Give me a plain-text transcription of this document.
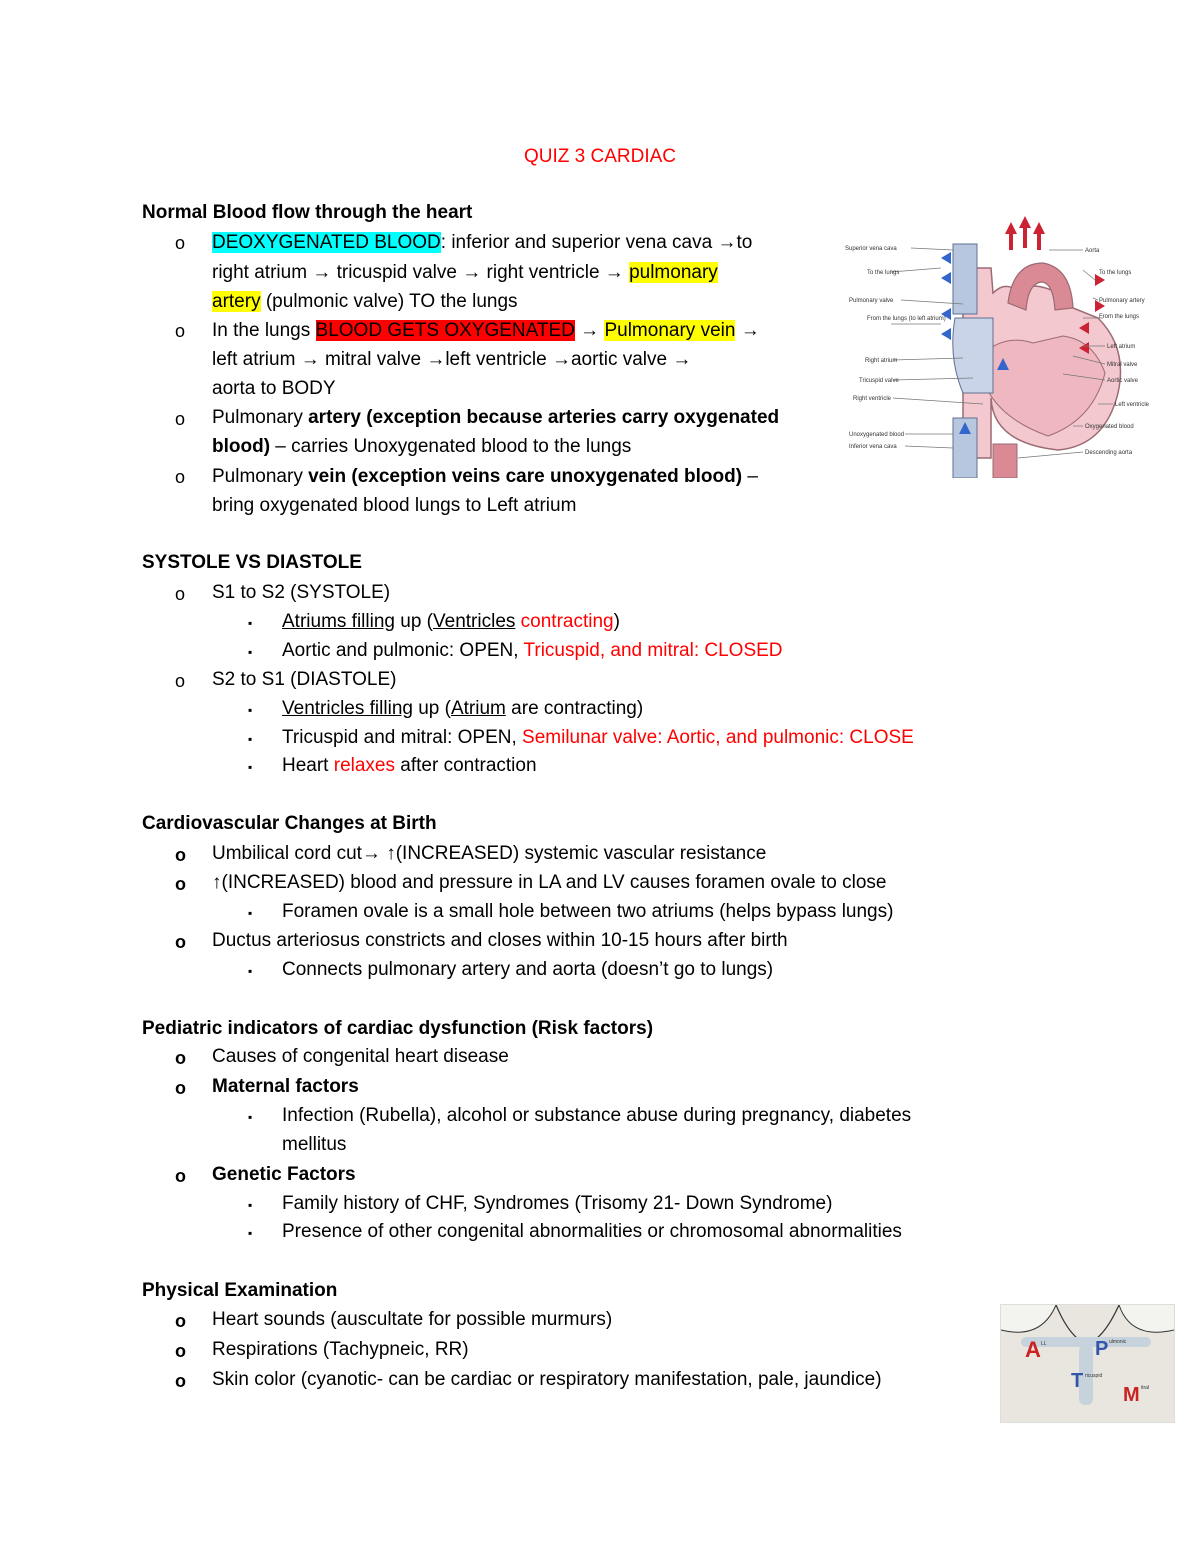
QUIZ 3 CARDIAC
Normal Blood flow through the heart
o DEOXYGENATED BLOOD: inferior and superior vena cava →to
right atrium → tricuspid valve → right ventricle → pulmonary
artery (pulmonic valve) TO the lungs
o In the lungs BLOOD GETS OXYGENATED → Pulmonary vein →
left atrium → mitral valve →left ventricle →aortic valve →
aorta to BODY
o Pulmonary artery (exception because arteries carry oxygenated
blood) – carries Unoxygenated blood to the lungs
o Pulmonary vein (exception veins care unoxygenated blood) –
bring oxygenated blood lungs to Left atrium
Superior vena cava
To the lungs
Pulmonary valve
From the lungs (to left atrium)
Right atrium
Tricuspid valve
Right ventricle
Unoxygenated blood
Inferior vena cava
Aorta
To the lungs
Pulmonary artery
From the lungs
Left atrium
Mitral valve
Aortic valve
Left ventricle
Oxygenated blood
Descending aorta
SYSTOLE VS DIASTOLE
o S1 to S2 (SYSTOLE)
▪ Atriums filling up (Ventricles contracting)
▪ Aortic and pulmonic: OPEN, Tricuspid, and mitral: CLOSED
o S2 to S1 (DIASTOLE)
▪ Ventricles filling up (Atrium are contracting)
▪ Tricuspid and mitral: OPEN, Semilunar valve: Aortic, and pulmonic: CLOSE
▪ Heart relaxes after contraction
Cardiovascular Changes at Birth
o Umbilical cord cut→ ↑(INCREASED) systemic vascular resistance
o ↑(INCREASED) blood and pressure in LA and LV causes foramen ovale to close
▪ Foramen ovale is a small hole between two atriums (helps bypass lungs)
o Ductus arteriosus constricts and closes within 10-15 hours after birth
▪ Connects pulmonary artery and aorta (doesn’t go to lungs)
Pediatric indicators of cardiac dysfunction (Risk factors)
o Causes of congenital heart disease
o Maternal factors
▪ Infection (Rubella), alcohol or substance abuse during pregnancy, diabetes
mellitus
o Genetic Factors
▪ Family history of CHF, Syndromes (Trisomy 21- Down Syndrome)
▪ Presence of other congenital abnormalities or chromosomal abnormalities
Physical Examination
o Heart sounds (auscultate for possible murmurs)
o Respirations (Tachypneic, RR)
o Skin color (cyanotic- can be cardiac or respiratory manifestation, pale, jaundice)
A LL P ulmonic
T ricuspid
M itral
